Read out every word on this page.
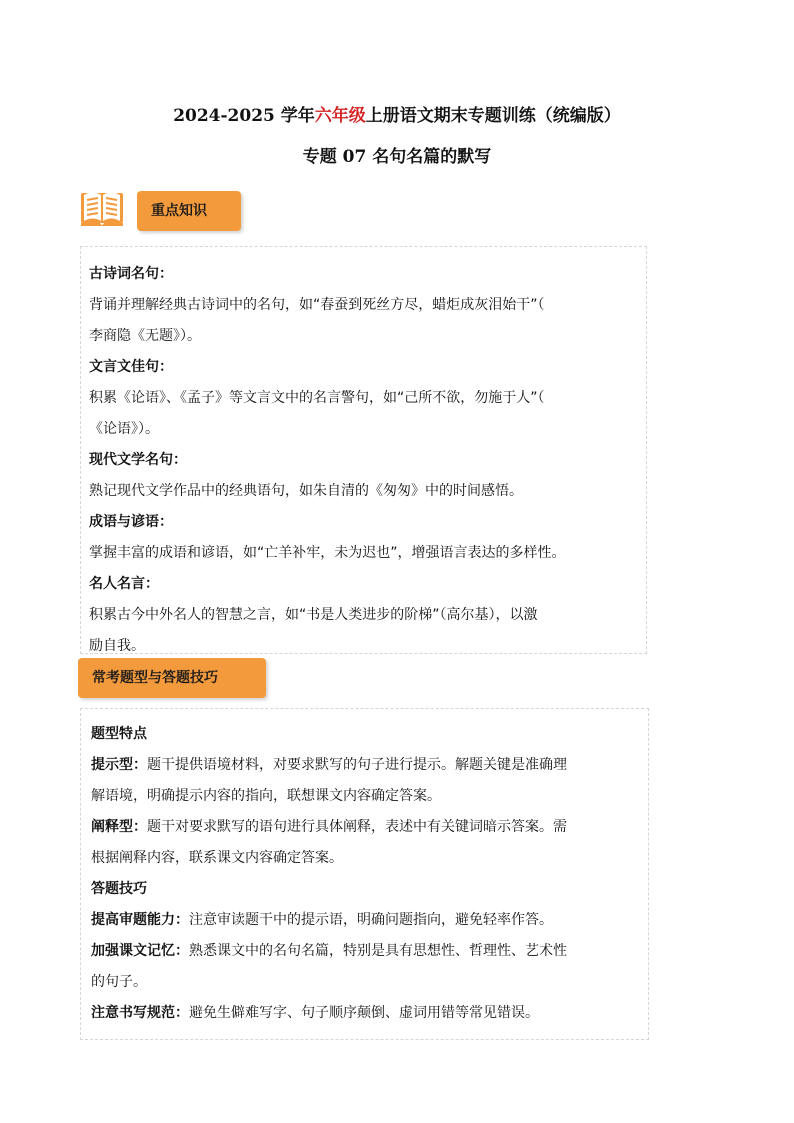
2024-2025 学年六年级上册语文期末专题训练（统编版）
专题 07 名句名篇的默写
重点知识
古诗词名句：
背诵并理解经典古诗词中的名句，如“春蚕到死丝方尽，蜡炬成灰泪始干”（
李商隐《无题》）。
文言文佳句：
积累《论语》、《孟子》等文言文中的名言警句，如“己所不欲，勿施于人”（
《论语》）。
现代文学名句：
熟记现代文学作品中的经典语句，如朱自清的《匆匆》中的时间感悟。
成语与谚语：
掌握丰富的成语和谚语，如“亡羊补牢，未为迟也”，增强语言表达的多样性。
名人名言：
积累古今中外名人的智慧之言，如“书是人类进步的阶梯”（高尔基），以激
励自我。
常考题型与答题技巧
题型特点
提示型：题干提供语境材料，对要求默写的句子进行提示。解题关键是准确理
解语境，明确提示内容的指向，联想课文内容确定答案。
阐释型：题干对要求默写的语句进行具体阐释，表述中有关键词暗示答案。需
根据阐释内容，联系课文内容确定答案。
答题技巧
提高审题能力：注意审读题干中的提示语，明确问题指向，避免轻率作答。
加强课文记忆：熟悉课文中的名句名篇，特别是具有思想性、哲理性、艺术性
的句子。
注意书写规范：避免生僻难写字、句子顺序颠倒、虚词用错等常见错误。
